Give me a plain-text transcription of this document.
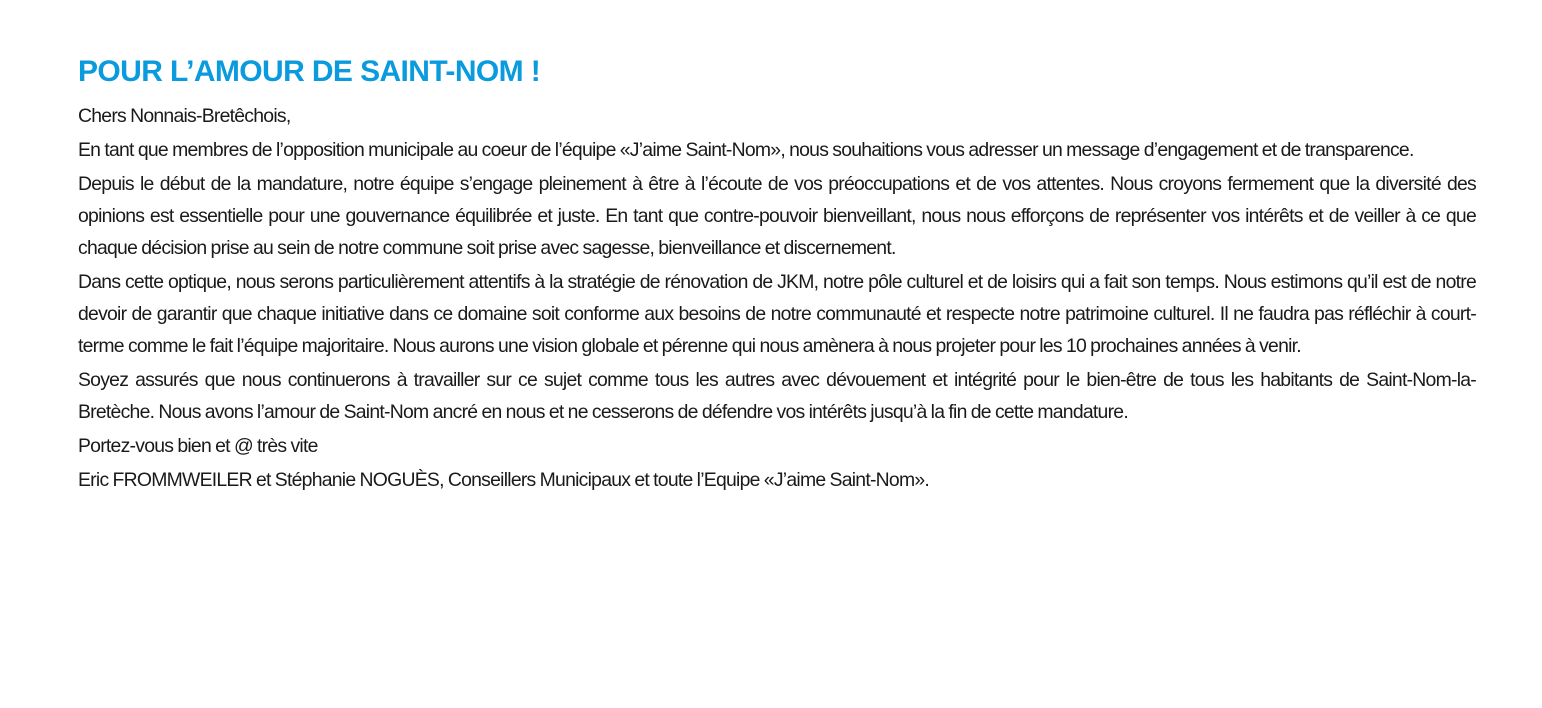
POUR L’AMOUR DE SAINT-NOM !

Chers Nonnais-Bretêchois,

En tant que membres de l’opposition municipale au coeur de l’équipe «J’aime Saint-Nom», nous souhaitions vous adresser un message d’engagement et de transparence.

Depuis le début de la mandature, notre équipe s’engage pleinement à être à l’écoute de vos préoccupations et de vos attentes. Nous croyons fermement que la diversité des opinions est essentielle pour une gouvernance équilibrée et juste. En tant que contre-pouvoir bienveillant, nous nous efforçons de représenter vos intérêts et de veiller à ce que chaque décision prise au sein de notre commune soit prise avec sagesse, bienveillance et discernement.

Dans cette optique, nous serons particulièrement attentifs à la stratégie de rénovation de JKM, notre pôle culturel et de loisirs qui a fait son temps. Nous estimons qu’il est de notre devoir de garantir que chaque initiative dans ce domaine soit conforme aux besoins de notre communauté et respecte notre patrimoine culturel. Il ne faudra pas réfléchir à court-terme comme le fait l’équipe majoritaire. Nous aurons une vision globale et pérenne qui nous amènera à nous projeter pour les 10 prochaines années à venir.

Soyez assurés que nous continuerons à travailler sur ce sujet comme tous les autres avec dévouement et intégrité pour le bien-être de tous les habitants de Saint-Nom-la-Bretèche. Nous avons l’amour de Saint-Nom ancré en nous et ne cesserons de défendre vos intérêts jusqu’à la fin de cette mandature.

Portez-vous bien et @ très vite

Eric FROMMWEILER et Stéphanie NOGUÈS, Conseillers Municipaux et toute l’Equipe «J’aime Saint-Nom».
